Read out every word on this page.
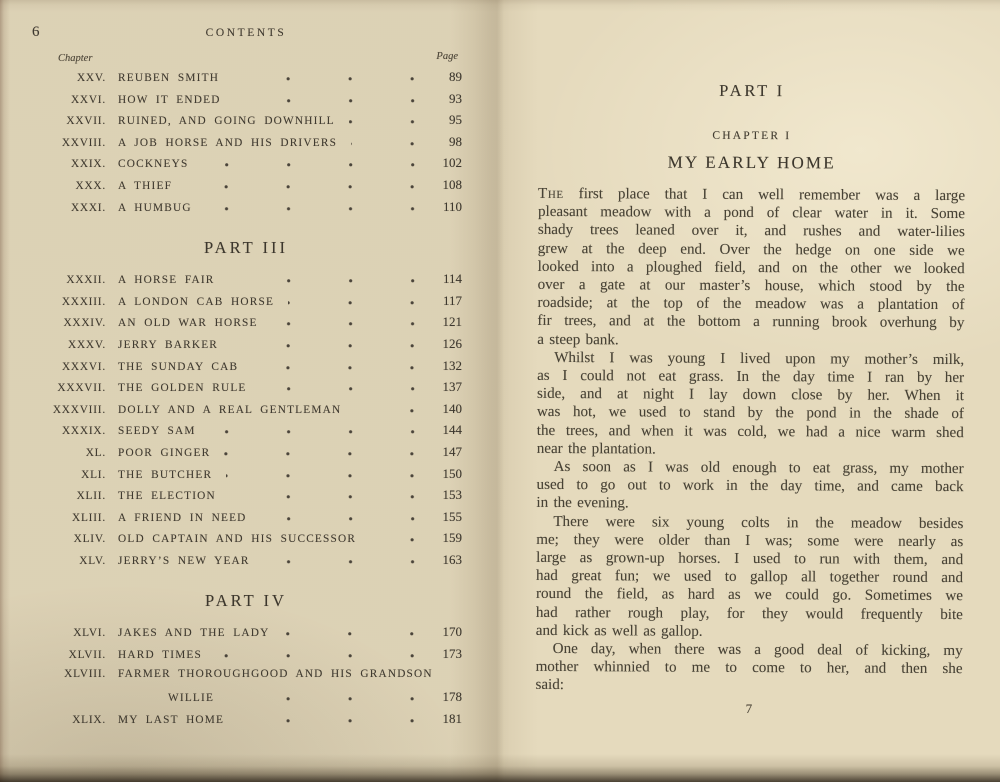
6	CONTENTS
Chapter	Page
XXV. REUBEN SMITH	89
XXVI. HOW IT ENDED	93
XXVII. RUINED, AND GOING DOWNHILL	95
XXVIII. A JOB HORSE AND HIS DRIVERS	98
XXIX. COCKNEYS	102
XXX. A THIEF	108
XXXI. A HUMBUG	110
PART III
XXXII. A HORSE FAIR	114
XXXIII. A LONDON CAB HORSE	117
XXXIV. AN OLD WAR HORSE	121
XXXV. JERRY BARKER	126
XXXVI. THE SUNDAY CAB	132
XXXVII. THE GOLDEN RULE	137
XXXVIII. DOLLY AND A REAL GENTLEMAN	140
XXXIX. SEEDY SAM	144
XL. POOR GINGER	147
XLI. THE BUTCHER	150
XLII. THE ELECTION	153
XLIII. A FRIEND IN NEED	155
XLIV. OLD CAPTAIN AND HIS SUCCESSOR	159
XLV. JERRY’S NEW YEAR	163
PART IV
XLVI. JAKES AND THE LADY	170
XLVII. HARD TIMES	173
XLVIII. FARMER THOROUGHGOOD AND HIS GRANDSON
WILLIE	178
XLIX. MY LAST HOME	181
PART I
CHAPTER I
MY EARLY HOME
The first place that I can well remember was a large
pleasant meadow with a pond of clear water in it. Some
shady trees leaned over it, and rushes and water-lilies
grew at the deep end. Over the hedge on one side we
looked into a ploughed field, and on the other we looked
over a gate at our master’s house, which stood by the
roadside; at the top of the meadow was a plantation of
fir trees, and at the bottom a running brook overhung by
a steep bank.
Whilst I was young I lived upon my mother’s milk,
as I could not eat grass. In the day time I ran by her
side, and at night I lay down close by her. When it
was hot, we used to stand by the pond in the shade of
the trees, and when it was cold, we had a nice warm shed
near the plantation.
As soon as I was old enough to eat grass, my mother
used to go out to work in the day time, and came back
in the evening.
There were six young colts in the meadow besides
me; they were older than I was; some were nearly as
large as grown-up horses. I used to run with them, and
had great fun; we used to gallop all together round and
round the field, as hard as we could go. Sometimes we
had rather rough play, for they would frequently bite
and kick as well as gallop.
One day, when there was a good deal of kicking, my
mother whinnied to me to come to her, and then she
said:
7
